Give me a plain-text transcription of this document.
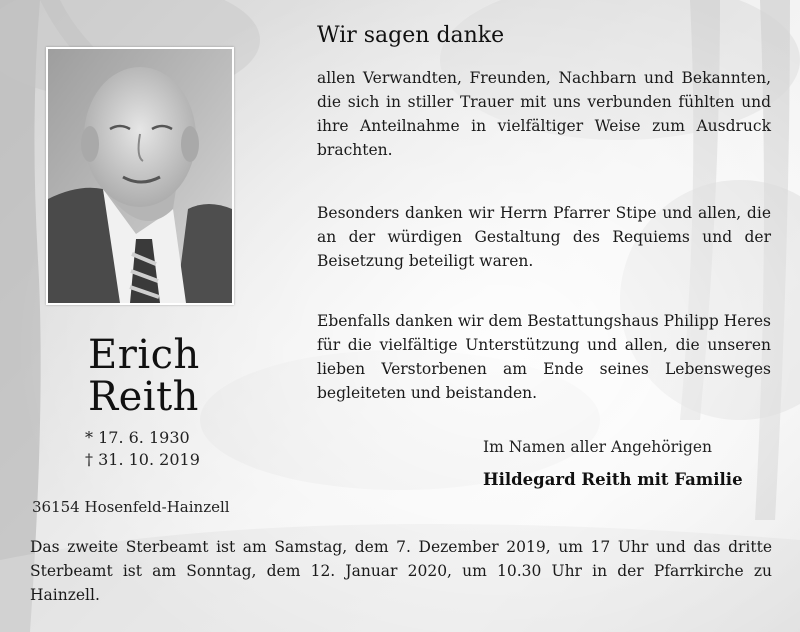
Erich
Reith
* 17. 6. 1930
† 31. 10. 2019
36154 Hosenfeld-Hainzell
Wir sagen danke

allen Verwandten, Freunden, Nachbarn und Bekannten, die sich in stiller Trauer mit uns verbunden fühlten und ihre Anteilnahme in vielfältiger Weise zum Ausdruck brachten.

Besonders danken wir Herrn Pfarrer Stipe und allen, die an der würdigen Gestaltung des Requiems und der Beisetzung beteiligt waren.

Ebenfalls danken wir dem Bestattungshaus Philipp Heres für die vielfältige Unterstützung und allen, die unseren lieben Verstorbenen am Ende seines Lebensweges begleiteten und beistanden.

Im Namen aller Angehörigen
Hildegard Reith mit Familie

Das zweite Sterbeamt ist am Samstag, dem 7. Dezember 2019, um 17 Uhr und das dritte Sterbeamt ist am Sonntag, dem 12. Januar 2020, um 10.30 Uhr in der Pfarrkirche zu Hainzell.
